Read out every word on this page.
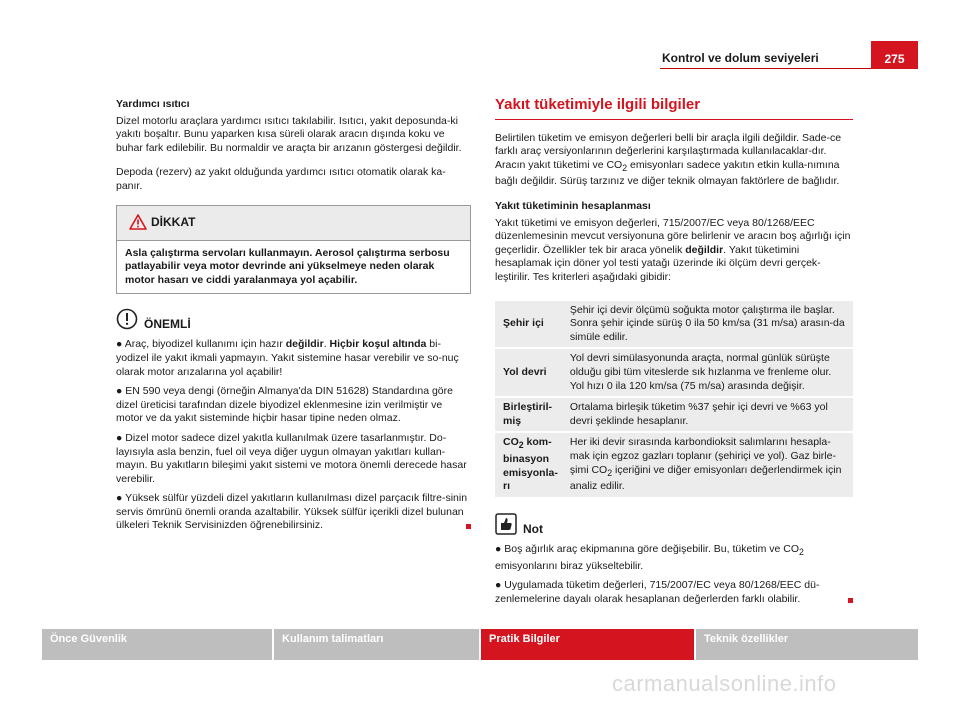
Kontrol ve dolum seviyeleri	275
Yardımcı ısıtıcı

Dizel motorlu araçlara yardımcı ısıtıcı takılabilir. Isıtıcı, yakıt deposunda-ki yakıtı boşaltır. Bunu yaparken kısa süreli olarak aracın dışında koku ve buhar fark edilebilir. Bu normaldir ve araçta bir arızanın göstergesi değildir.

Depoda (rezerv) az yakıt olduğunda yardımcı ısıtıcı otomatik olarak ka-panır.

DİKKAT
Asla çalıştırma servoları kullanmayın. Aerosol çalıştırma serbosu patlayabilir veya motor devrinde ani yükselmeye neden olarak motor hasarı ve ciddi yaralanmaya yol açabilir.
ÖNEMLİ

● Araç, biyodizel kullanımı için hazır değildir. Hiçbir koşul altında bi-yodizel ile yakıt ikmali yapmayın. Yakıt sistemine hasar verebilir ve so-nuç olarak motor arızalarına yol açabilir!

● EN 590 veya dengi (örneğin Almanya'da DIN 51628) Standardına göre dizel üreticisi tarafından dizele biyodizel eklenmesine izin verilmiştir ve motor ve da yakıt sisteminde hiçbir hasar tipine neden olmaz.

● Dizel motor sadece dizel yakıtla kullanılmak üzere tasarlanmıştır. Do-layısıyla asla benzin, fuel oil veya diğer uygun olmayan yakıtları kullan-mayın. Bu yakıtların bileşimi yakıt sistemi ve motora önemli derecede hasar verebilir.

● Yüksek sülfür yüzdeli dizel yakıtların kullanılması dizel parçacık filtre-sinin servis ömrünü önemli oranda azaltabilir. Yüksek sülfür içerikli dizel bulunan ülkeleri Teknik Servisinizden öğrenebilirsiniz.

Yakıt tüketimiyle ilgili bilgiler

Belirtilen tüketim ve emisyon değerleri belli bir araçla ilgili değildir. Sade-ce farklı araç versiyonlarının değerlerini karşılaştırmada kullanılacaklar-dır. Aracın yakıt tüketimi ve $CO_2$ emisyonları sadece yakıtın etkin kulla-nımına bağlı değildir. Sürüş tarzınız ve diğer teknik olmayan faktörlere de bağlıdır.

Yakıt tüketiminin hesaplanması

Yakıt tüketimi ve emisyon değerleri, 715/2007/EC veya 80/1268/EEC düzenlemesinin mevcut versiyonuna göre belirlenir ve aracın boş ağırlığı için geçerlidir. Özellikler tek bir araca yönelik değildir. Yakıt tüketimini hesaplamak için döner yol testi yatağı üzerinde iki ölçüm devri gerçek-leştirilir. Tes kriterleri aşağıdaki gibidir:

Şehir içi	Şehir içi devir ölçümü soğukta motor çalıştırma ile başlar. Sonra şehir içinde sürüş 0 ila 50 km/sa (31 m/sa) arasın-da simüle edilir.
Yol devri	Yol devri simülasyonunda araçta, normal günlük sürüşte olduğu gibi tüm viteslerde sık hızlanma ve frenleme olur. Yol hızı 0 ila 120 km/sa (75 m/sa) arasında değişir.
Birleştiril-miş	Ortalama birleşik tüketim %37 şehir içi devri ve %63 yol devri şeklinde hesaplanır.
$CO_2$ kom-binasyon emisyonla-rı	Her iki devir sırasında karbondioksit salımlarını hesapla-mak için egzoz gazları toplanır (şehiriçi ve yol). Gaz birle-şimi $CO_2$ içeriğini ve diğer emisyonları değerlendirmek için analiz edilir.
Not

● Boş ağırlık araç ekipmanına göre değişebilir. Bu, tüketim ve $CO_2$ emisyonlarını biraz yükseltebilir.

● Uygulamada tüketim değerleri, 715/2007/EC veya 80/1268/EEC dü-zenlemelerine dayalı olarak hesaplanan değerlerden farklı olabilir.

Önce Güvenlik	Kullanım talimatları	Pratik Bilgiler	Teknik özellikler
carmanualsonline.info
